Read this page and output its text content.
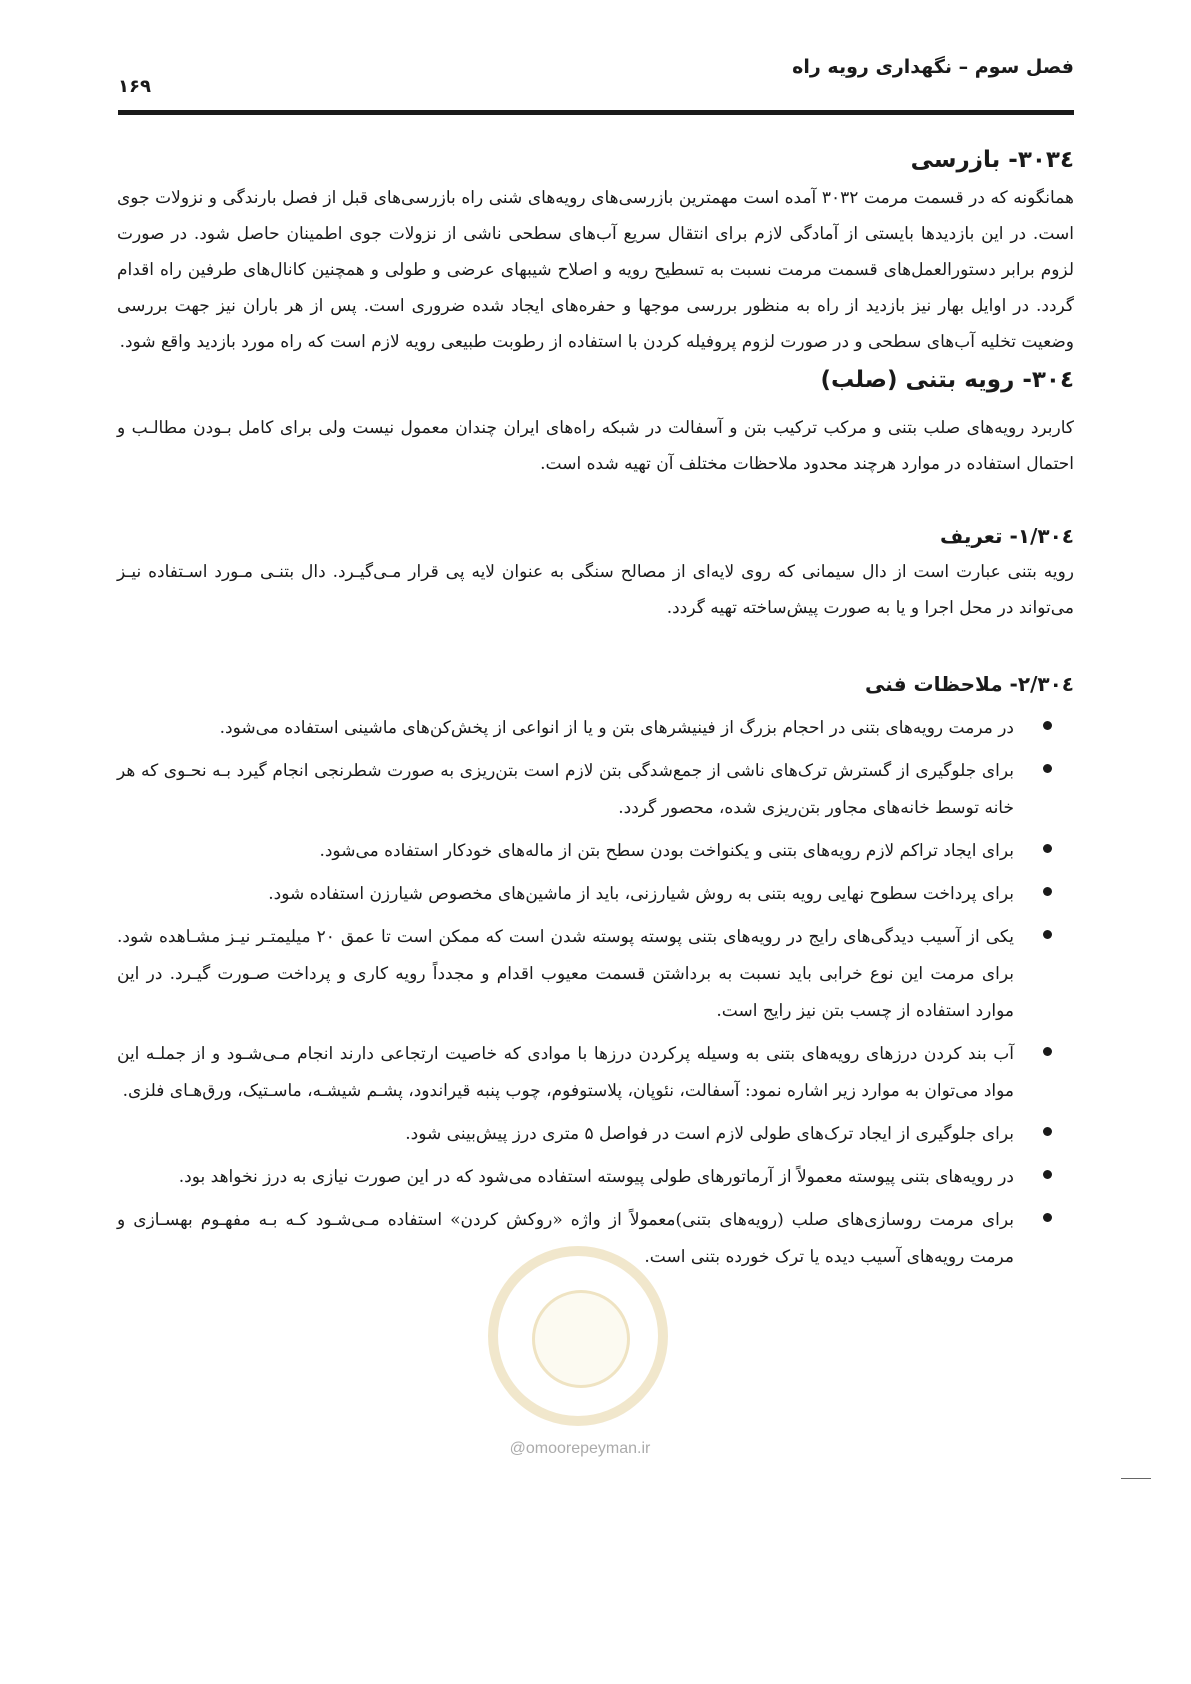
فصل سوم – نگهداری رویه راه
۱۶۹
۳۰۳٤- بازرسی

همانگونه که در قسمت مرمت ۳۰۳۲ آمده است مهمترین بازرسی‌های رویه‌های شنی راه بازرسی‌های قبل از فصل بارندگی و نزولات جوی است. در این بازدیدها بایستی از آمادگی لازم برای انتقال سریع آب‌های سطحی ناشی از نزولات جوی اطمینان حاصل شود. در صورت لزوم برابر دستورالعمل‌های قسمت مرمت نسبت به تسطیح رویه و اصلاح شیبهای عرضی و طولی و همچنین کانال‌های طرفین راه اقدام گردد. در اوایل بهار نیز بازدید از راه به منظور بررسی موجها و حفره‌های ایجاد شده ضروری است. پس از هر باران نیز جهت بررسی وضعیت تخلیه آب‌های سطحی و در صورت لزوم پروفیله کردن با استفاده از رطوبت طبیعی رویه لازم است که راه مورد بازدید واقع شود.

۳۰٤- رویه بتنی (صلب)

کاربرد رویه‌های صلب بتنی و مرکب ترکیب بتن و آسفالت در شبکه راه‌های ایران چندان معمول نیست ولی برای کامل بـودن مطالـب و احتمال استفاده در موارد هرچند محدود ملاحظات مختلف آن تهیه شده است.

۳۰٤/۱- تعریف

رویه بتنی عبارت است از دال سیمانی که روی لایه‌ای از مصالح سنگی به عنوان لایه پی قرار مـی‌گیـرد. دال بتنـی مـورد اسـتفاده نیـز می‌تواند در محل اجرا و یا به صورت پیش‌ساخته تهیه گردد.

۳۰٤/۲- ملاحظات فنی

در مرمت رویه‌های بتنی در احجام بزرگ از فینیشرهای بتن و یا از انواعی از پخش‌کن‌های ماشینی استفاده می‌شود.

برای جلوگیری از گسترش ترک‌های ناشی از جمع‌شدگی بتن لازم است بتن‌ریزی به صورت شطرنجی انجام گیرد بـه نحـوی که هر خانه توسط خانه‌های مجاور بتن‌ریزی شده، محصور گردد.

برای ایجاد تراکم لازم رویه‌های بتنی و یکنواخت بودن سطح بتن از ماله‌های خودکار استفاده می‌شود.

برای پرداخت سطوح نهایی رویه بتنی به روش شیارزنی، باید از ماشین‌های مخصوص شیارزن استفاده شود.

یکی از آسیب دیدگی‌های رایج در رویه‌های بتنی پوسته پوسته شدن است که ممکن است تا عمق ۲۰ میلیمتـر نیـز مشـاهده شود. برای مرمت این نوع خرابی باید نسبت به برداشتن قسمت معیوب اقدام و مجدداً رویه کاری و پرداخت صـورت گیـرد. در این موارد استفاده از چسب بتن نیز رایج است.

آب بند کردن درزهای رویه‌های بتنی به وسیله پرکردن درزها با موادی که خاصیت ارتجاعی دارند انجام مـی‌شـود و از جملـه این مواد می‌توان به موارد زیر اشاره نمود: آسفالت، نئوپان، پلاستوفوم، چوب پنبه قیراندود، پشـم شیشـه، ماسـتیک، ورق‌هـای فلزی.

برای جلوگیری از ایجاد ترک‌های طولی لازم است در فواصل ۵ متری درز پیش‌بینی شود.

در رویه‌های بتنی پیوسته معمولاً از آرماتورهای طولی پیوسته استفاده می‌شود که در این صورت نیازی به درز نخواهد بود.

برای مرمت روسازی‌های صلب (رویه‌های بتنی)معمولاً از واژه «روکش کردن» استفاده مـی‌شـود کـه بـه مفهـوم بهسـازی و مرمت رویه‌های آسیب دیده یا ترک خورده بتنی است.

@omoorepeyman.ir
